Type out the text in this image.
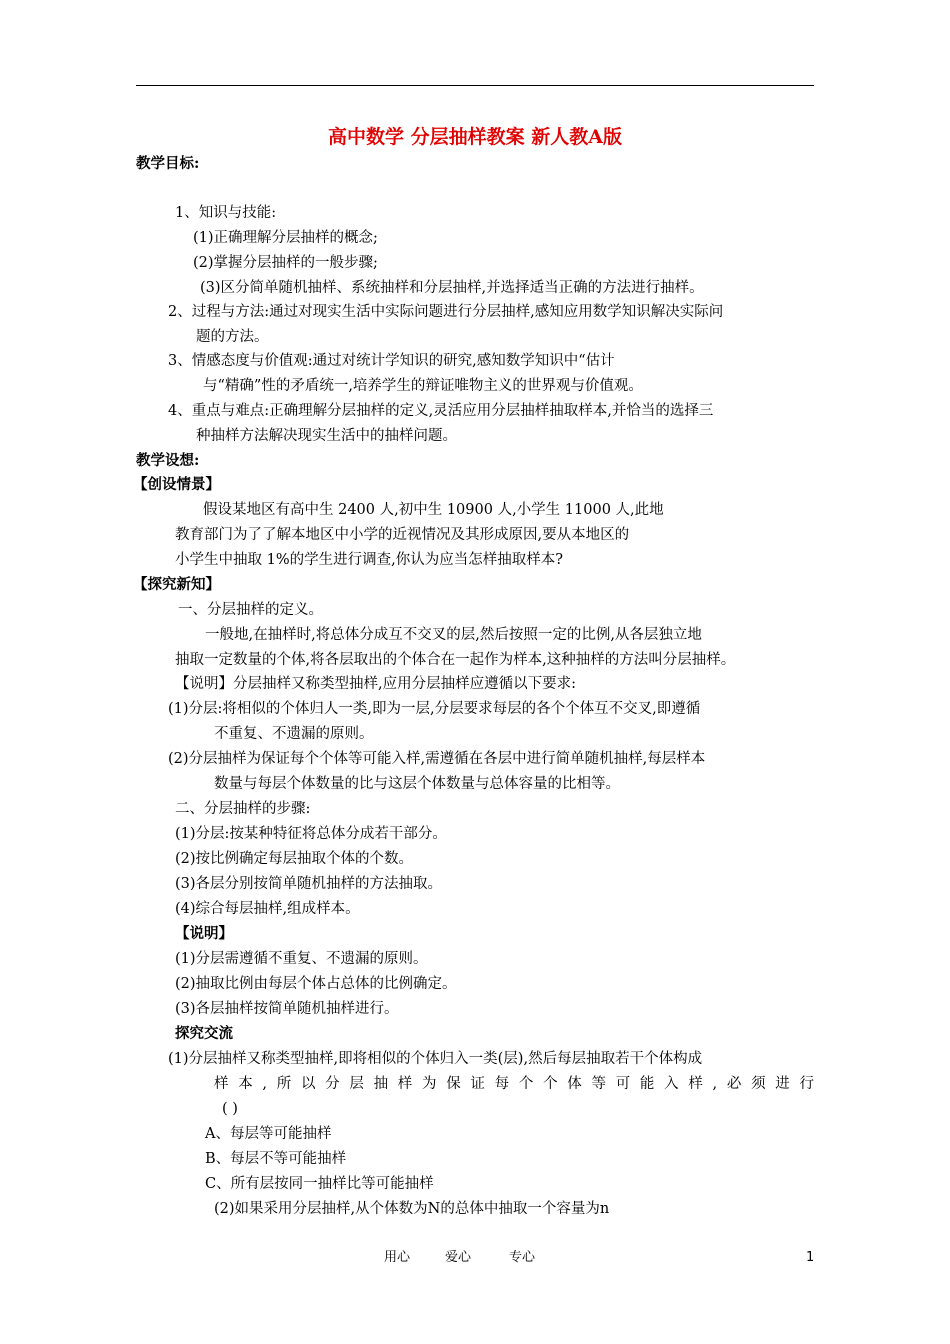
高中数学 分层抽样教案 新人教A版
教学目标:
1、知识与技能:
(1)正确理解分层抽样的概念;
(2)掌握分层抽样的一般步骤;
(3)区分简单随机抽样、系统抽样和分层抽样,并选择适当正确的方法进行抽样。
2、过程与方法:通过对现实生活中实际问题进行分层抽样,感知应用数学知识解决实际问
题的方法。
3、情感态度与价值观:通过对统计学知识的研究,感知数学知识中“估计
与“精确”性的矛盾统一,培养学生的辩证唯物主义的世界观与价值观。
4、重点与难点:正确理解分层抽样的定义,灵活应用分层抽样抽取样本,并恰当的选择三
种抽样方法解决现实生活中的抽样问题。
教学设想:
【创设情景】
假设某地区有高中生 2400 人,初中生 10900 人,小学生 11000 人,此地
教育部门为了了解本地区中小学的近视情况及其形成原因,要从本地区的
小学生中抽取 1%的学生进行调查,你认为应当怎样抽取样本?
【探究新知】
一、分层抽样的定义。
一般地,在抽样时,将总体分成互不交叉的层,然后按照一定的比例,从各层独立地
抽取一定数量的个体,将各层取出的个体合在一起作为样本,这种抽样的方法叫分层抽样。
【说明】分层抽样又称类型抽样,应用分层抽样应遵循以下要求:
(1)分层:将相似的个体归人一类,即为一层,分层要求每层的各个个体互不交叉,即遵循
不重复、不遗漏的原则。
(2)分层抽样为保证每个个体等可能入样,需遵循在各层中进行简单随机抽样,每层样本
数量与每层个体数量的比与这层个体数量与总体容量的比相等。
二、分层抽样的步骤:
(1)分层:按某种特征将总体分成若干部分。
(2)按比例确定每层抽取个体的个数。
(3)各层分别按简单随机抽样的方法抽取。
(4)综合每层抽样,组成样本。
【说明】
(1)分层需遵循不重复、不遗漏的原则。
(2)抽取比例由每层个体占总体的比例确定。
(3)各层抽样按简单随机抽样进行。
探究交流
(1)分层抽样又称类型抽样,即将相似的个体归入一类(层),然后每层抽取若干个体构成
样本,所以分层抽样为保证每个个体等可能入样,必须进行
( )
A、每层等可能抽样
B、每层不等可能抽样
C、所有层按同一抽样比等可能抽样
(2)如果采用分层抽样,从个体数为N的总体中抽取一个容量为n
用心	爱心	专心	1
